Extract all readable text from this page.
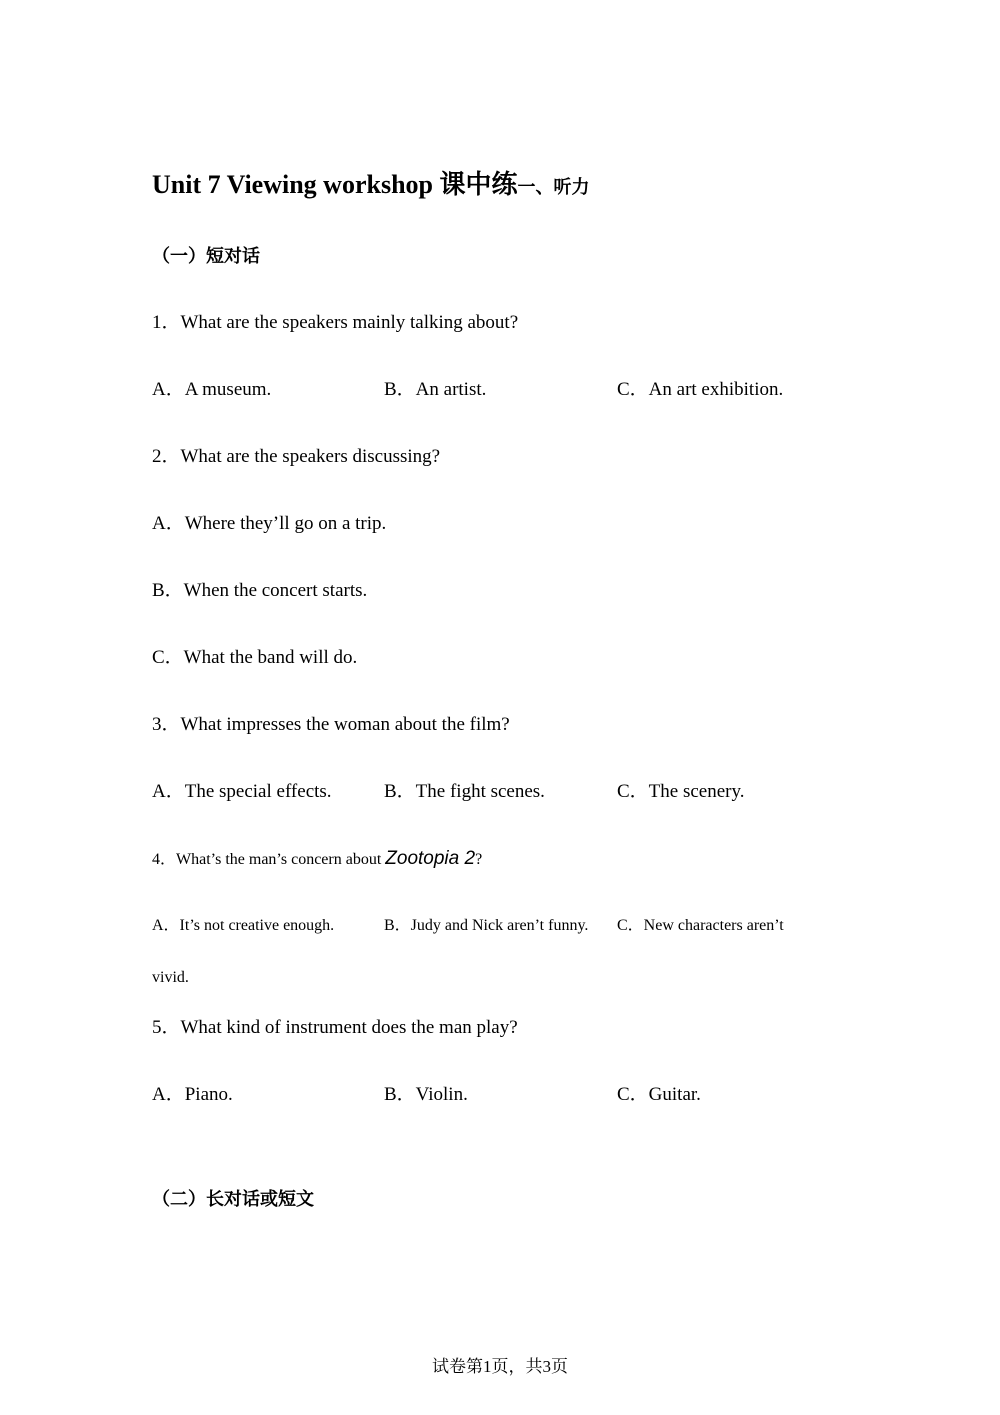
Unit 7 Viewing workshop 课中练一、听力
（一）短对话
1．What are the speakers mainly talking about?
A．A museum.	B．An artist.	C．An art exhibition.
2．What are the speakers discussing?
A．Where they’ll go on a trip.
B．When the concert starts.
C．What the band will do.
3．What impresses the woman about the film?
A．The special effects.	B．The fight scenes.	C．The scenery.
4．What’s the man’s concern about Zootopia 2?
A．It’s not creative enough.	B．Judy and Nick aren’t funny. C．New characters aren’t
vivid.
5．What kind of instrument does the man play?
A．Piano.	B．Violin.	C．Guitar.
（二）长对话或短文
试卷第1页，共3页
